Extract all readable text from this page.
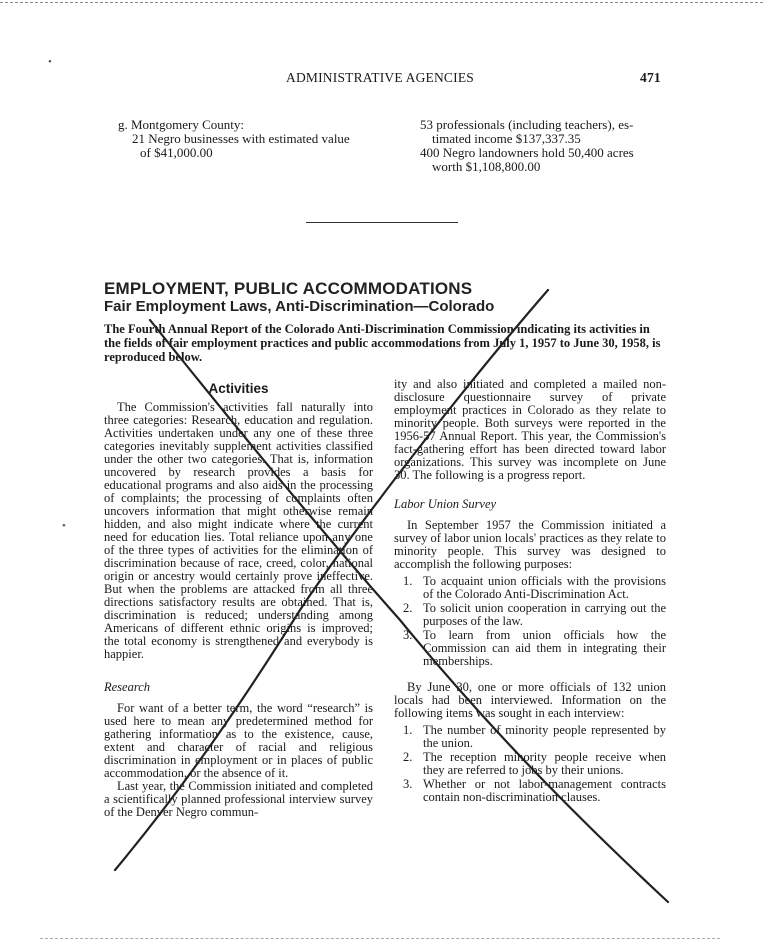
ADMINISTRATIVE AGENCIES	471
g. Montgomery County:
21 Negro businesses with estimated value
of $41,000.00
53 professionals (including teachers), es-
timated income $137,337.35
400 Negro landowners hold 50,400 acres
worth $1,108,800.00
EMPLOYMENT, PUBLIC ACCOMMODATIONS
Fair Employment Laws, Anti-Discrimination—Colorado
The Fourth Annual Report of the Colorado Anti-Discrimination Commission indicating its activities in the fields of fair employment practices and public accommodations from July 1, 1957 to June 30, 1958, is reproduced below.
Activities

The Commission's activities fall naturally into three categories: Research, education and regulation. Activities undertaken under any one of these three categories inevitably supplement activities classified under the other two categories. That is, information uncovered by research provides a basis for educational programs and also aids in the processing of complaints; the processing of complaints often uncovers information that might otherwise remain hidden, and also might indicate where the current need for education lies. Total reliance upon any one of the three types of activities for the elimination of discrimination because of race, creed, color, national origin or ancestry would certainly prove ineffective. But when the problems are attacked from all three directions satisfactory results are obtained. That is, discrimination is reduced; understanding among Americans of different ethnic origins is improved; the total economy is strengthened and everybody is happier.

Research

For want of a better term, the word “research” is used here to mean any predetermined method for gathering information as to the existence, cause, extent and character of racial and religious discrimination in employment or in places of public accommodation, or the absence of it.

Last year, the Commission initiated and completed a scientifically planned professional interview survey of the Denver Negro commun-

ity and also initiated and completed a mailed non-disclosure questionnaire survey of private employment practices in Colorado as they relate to minority people. Both surveys were reported in the 1956-57 Annual Report. This year, the Commission's fact-gathering effort has been directed toward labor organizations. This survey was incomplete on June 30. The following is a progress report.

Labor Union Survey

In September 1957 the Commission initiated a survey of labor union locals' practices as they relate to minority people. This survey was designed to accomplish the following purposes:

1. To acquaint union officials with the provisions of the Colorado Anti-Discrimination Act.
2. To solicit union cooperation in carrying out the purposes of the law.
3. To learn from union officials how the Commission can aid them in integrating their memberships.

By June 30, one or more officials of 132 union locals had been interviewed. Information on the following items was sought in each interview:

1. The number of minority people represented by the union.
2. The reception minority people receive when they are referred to jobs by their unions.
3. Whether or not labor-management contracts contain non-discrimination clauses.
•
•
